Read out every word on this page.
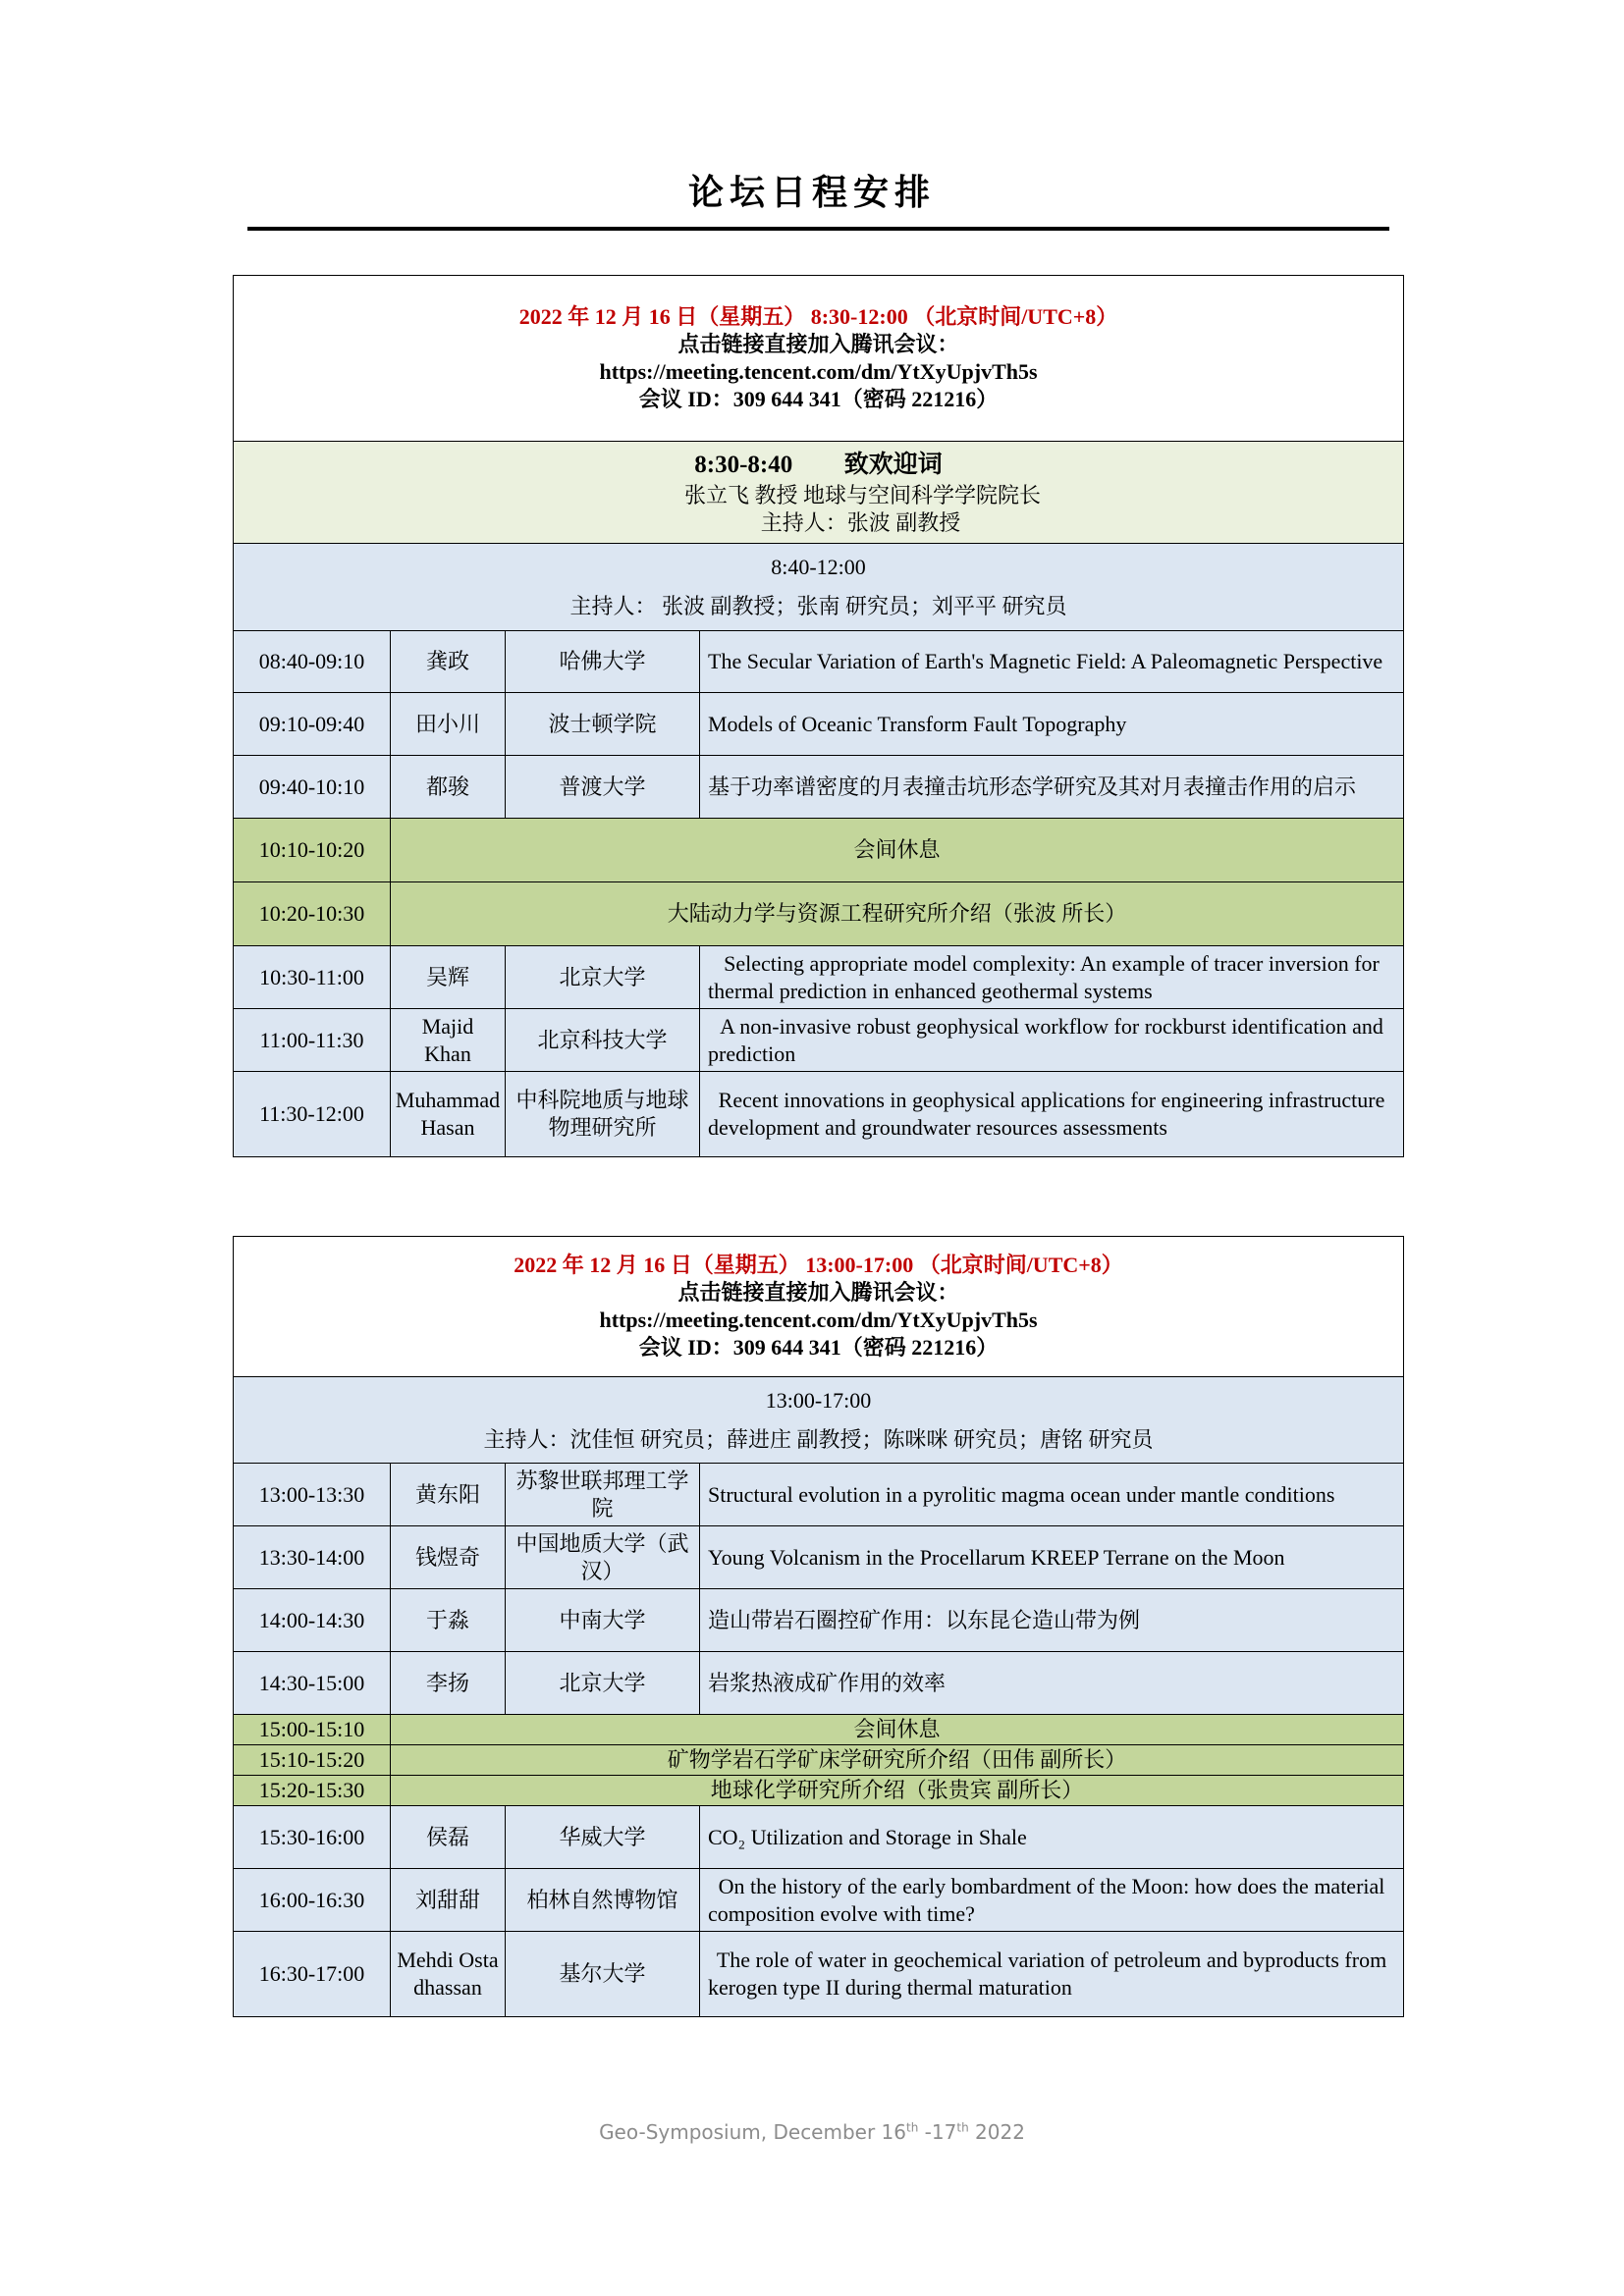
论坛日程安排
2022 年 12 月 16 日（星期五） 8:30-12:00 （北京时间/UTC+8）
点击链接直接加入腾讯会议：
https://meeting.tencent.com/dm/YtXyUpjvTh5s
会议 ID：309 644 341（密码 221216）			

8:30-8:40 致欢迎词
张立飞 教授 地球与空间科学学院院长
主持人：张波 副教授			

8:40-12:00
主持人： 张波 副教授；张南 研究员；刘平平 研究员			

08:40-09:10	龚政	哈佛大学	The Secular Variation of Earth's Magnetic Field: A Paleomagnetic Perspective
09:10-09:40	田小川	波士顿学院	Models of Oceanic Transform Fault Topography
09:40-10:10	都骏	普渡大学	基于功率谱密度的月表撞击坑形态学研究及其对月表撞击作用的启示
10:10-10:20	会间休息		
10:20-10:30	大陆动力学与资源工程研究所介绍（张波 所长）		
10:30-11:00	吴辉	北京大学	Selecting appropriate model complexity: An example of tracer inversion for thermal prediction in enhanced geothermal systems
11:00-11:30	Majid Khan	北京科技大学	A non-invasive robust geophysical workflow for rockburst identification and prediction
11:30-12:00	Muhammad Hasan	中科院地质与地球物理研究所	Recent innovations in geophysical applications for engineering infrastructure development and groundwater resources assessments
2022 年 12 月 16 日（星期五） 13:00-17:00 （北京时间/UTC+8）
点击链接直接加入腾讯会议：
https://meeting.tencent.com/dm/YtXyUpjvTh5s
会议 ID：309 644 341（密码 221216）			

13:00-17:00
主持人：沈佳恒 研究员；薛进庄 副教授；陈咪咪 研究员；唐铭 研究员			

13:00-13:30	黄东阳	苏黎世联邦理工学院	Structural evolution in a pyrolitic magma ocean under mantle conditions
13:30-14:00	钱煜奇	中国地质大学（武汉）	Young Volcanism in the Procellarum KREEP Terrane on the Moon
14:00-14:30	于淼	中南大学	造山带岩石圈控矿作用：以东昆仑造山带为例
14:30-15:00	李扬	北京大学	岩浆热液成矿作用的效率
15:00-15:10	会间休息		
15:10-15:20	矿物学岩石学矿床学研究所介绍（田伟 副所长）		
15:20-15:30	地球化学研究所介绍（张贵宾 副所长）		
15:30-16:00	侯磊	华威大学	CO₂ Utilization and Storage in Shale
16:00-16:30	刘甜甜	柏林自然博物馆	On the history of the early bombardment of the Moon: how does the material composition evolve with time?
16:30-17:00	Mehdi Ostadhassan	基尔大学	The role of water in geochemical variation of petroleum and byproducts from kerogen type II during thermal maturation
Geo-Symposium, December 16th -17th 2022
